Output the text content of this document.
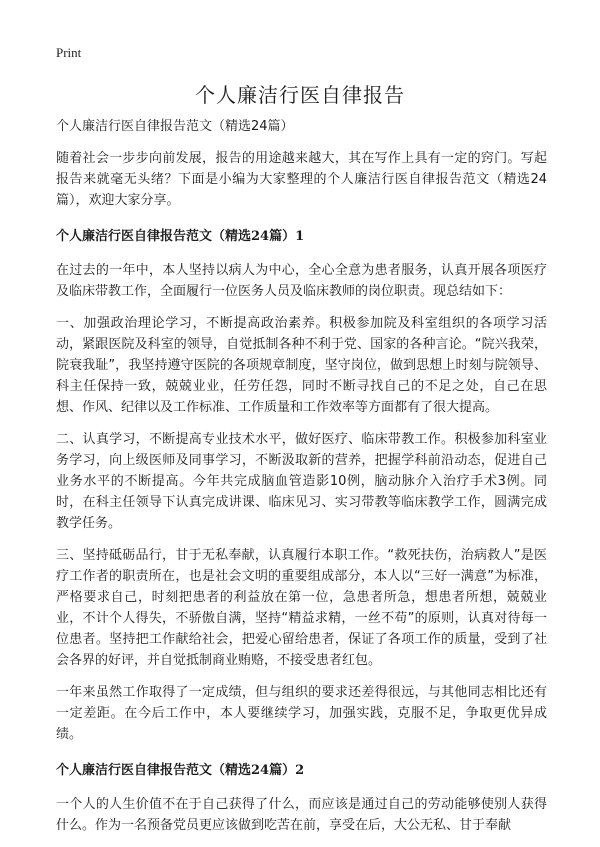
Print
个人廉洁行医自律报告
个人廉洁行医自律报告范文（精选24篇）

随着社会一步步向前发展，报告的用途越来越大，其在写作上具有一定的窍门。写起报告来就毫无头绪？下面是小编为大家整理的个人廉洁行医自律报告范文（精选24篇），欢迎大家分享。

个人廉洁行医自律报告范文（精选24篇）1

在过去的一年中，本人坚持以病人为中心，全心全意为患者服务，认真开展各项医疗及临床带教工作，全面履行一位医务人员及临床教师的岗位职责。现总结如下：

一、加强政治理论学习，不断提高政治素养。积极参加院及科室组织的各项学习活动，紧跟医院及科室的领导，自觉抵制各种不利于党、国家的各种言论。“院兴我荣，院衰我耻”，我坚持遵守医院的各项规章制度，坚守岗位，做到思想上时刻与院领导、科主任保持一致，兢兢业业，任劳任怨，同时不断寻找自己的不足之处，自己在思想、作风、纪律以及工作标准、工作质量和工作效率等方面都有了很大提高。

二、认真学习，不断提高专业技术水平，做好医疗、临床带教工作。积极参加科室业务学习，向上级医师及同事学习，不断汲取新的营养，把握学科前沿动态，促进自己业务水平的不断提高。今年共完成脑血管造影10例，脑动脉介入治疗手术3例。同时，在科主任领导下认真完成讲课、临床见习、实习带教等临床教学工作，圆满完成教学任务。

三、坚持砥砺品行，甘于无私奉献，认真履行本职工作。“救死扶伤，治病救人”是医疗工作者的职责所在，也是社会文明的重要组成部分，本人以“三好一满意”为标准，严格要求自己，时刻把患者的利益放在第一位，急患者所急，想患者所想，兢兢业业，不计个人得失，不骄傲自满，坚持“精益求精，一丝不苟”的原则，认真对待每一位患者。坚持把工作献给社会，把爱心留给患者，保证了各项工作的质量，受到了社会各界的好评，并自觉抵制商业贿赂，不接受患者红包。

一年来虽然工作取得了一定成绩，但与组织的要求还差得很远，与其他同志相比还有一定差距。在今后工作中，本人要继续学习，加强实践，克服不足，争取更优异成绩。

个人廉洁行医自律报告范文（精选24篇）2

一个人的人生价值不在于自己获得了什么，而应该是通过自己的劳动能够使别人获得什么。作为一名预备党员更应该做到吃苦在前，享受在后，大公无私、甘于奉献
